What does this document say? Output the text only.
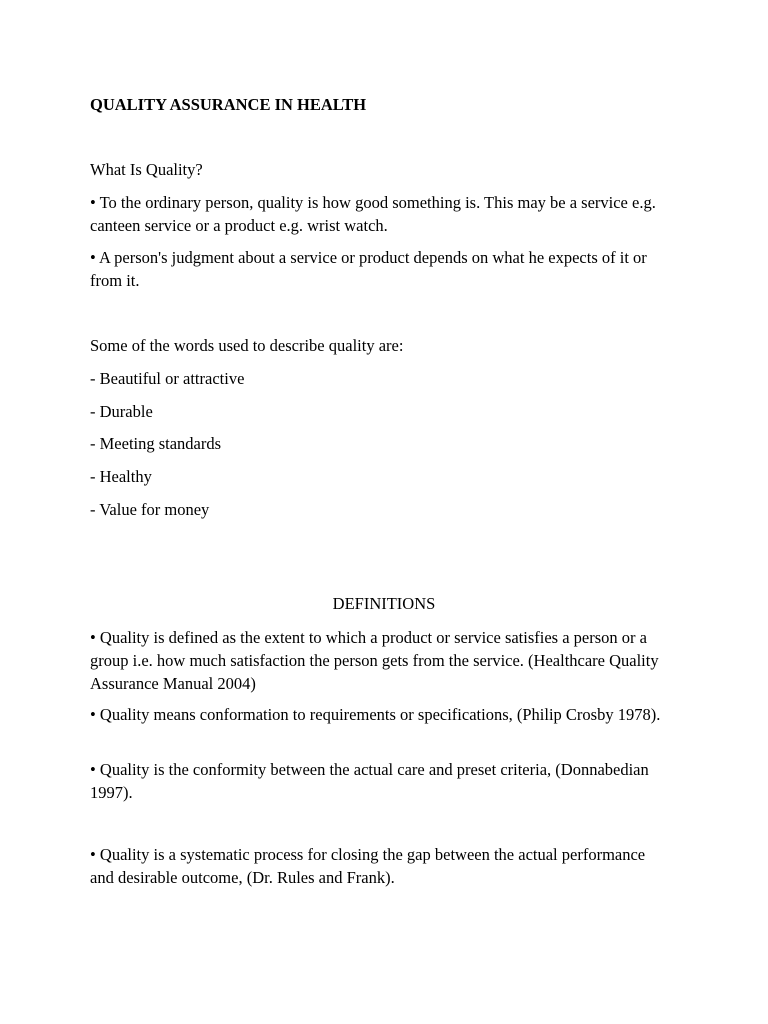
QUALITY ASSURANCE IN HEALTH

What Is Quality?

• To the ordinary person, quality is how good something is. This may be a service e.g. canteen service or a product e.g. wrist watch.

• A person's judgment about a service or product depends on what he expects of it or from it.

Some of the words used to describe quality are:

- Beautiful or attractive

- Durable

- Meeting standards

- Healthy

- Value for money

DEFINITIONS

• Quality is defined as the extent to which a product or service satisfies a person or a group i.e. how much satisfaction the person gets from the service. (Healthcare Quality Assurance Manual 2004)

• Quality means conformation to requirements or specifications, (Philip Crosby 1978).

• Quality is the conformity between the actual care and preset criteria, (Donnabedian 1997).

• Quality is a systematic process for closing the gap between the actual performance   and desirable outcome, (Dr. Rules and Frank).
